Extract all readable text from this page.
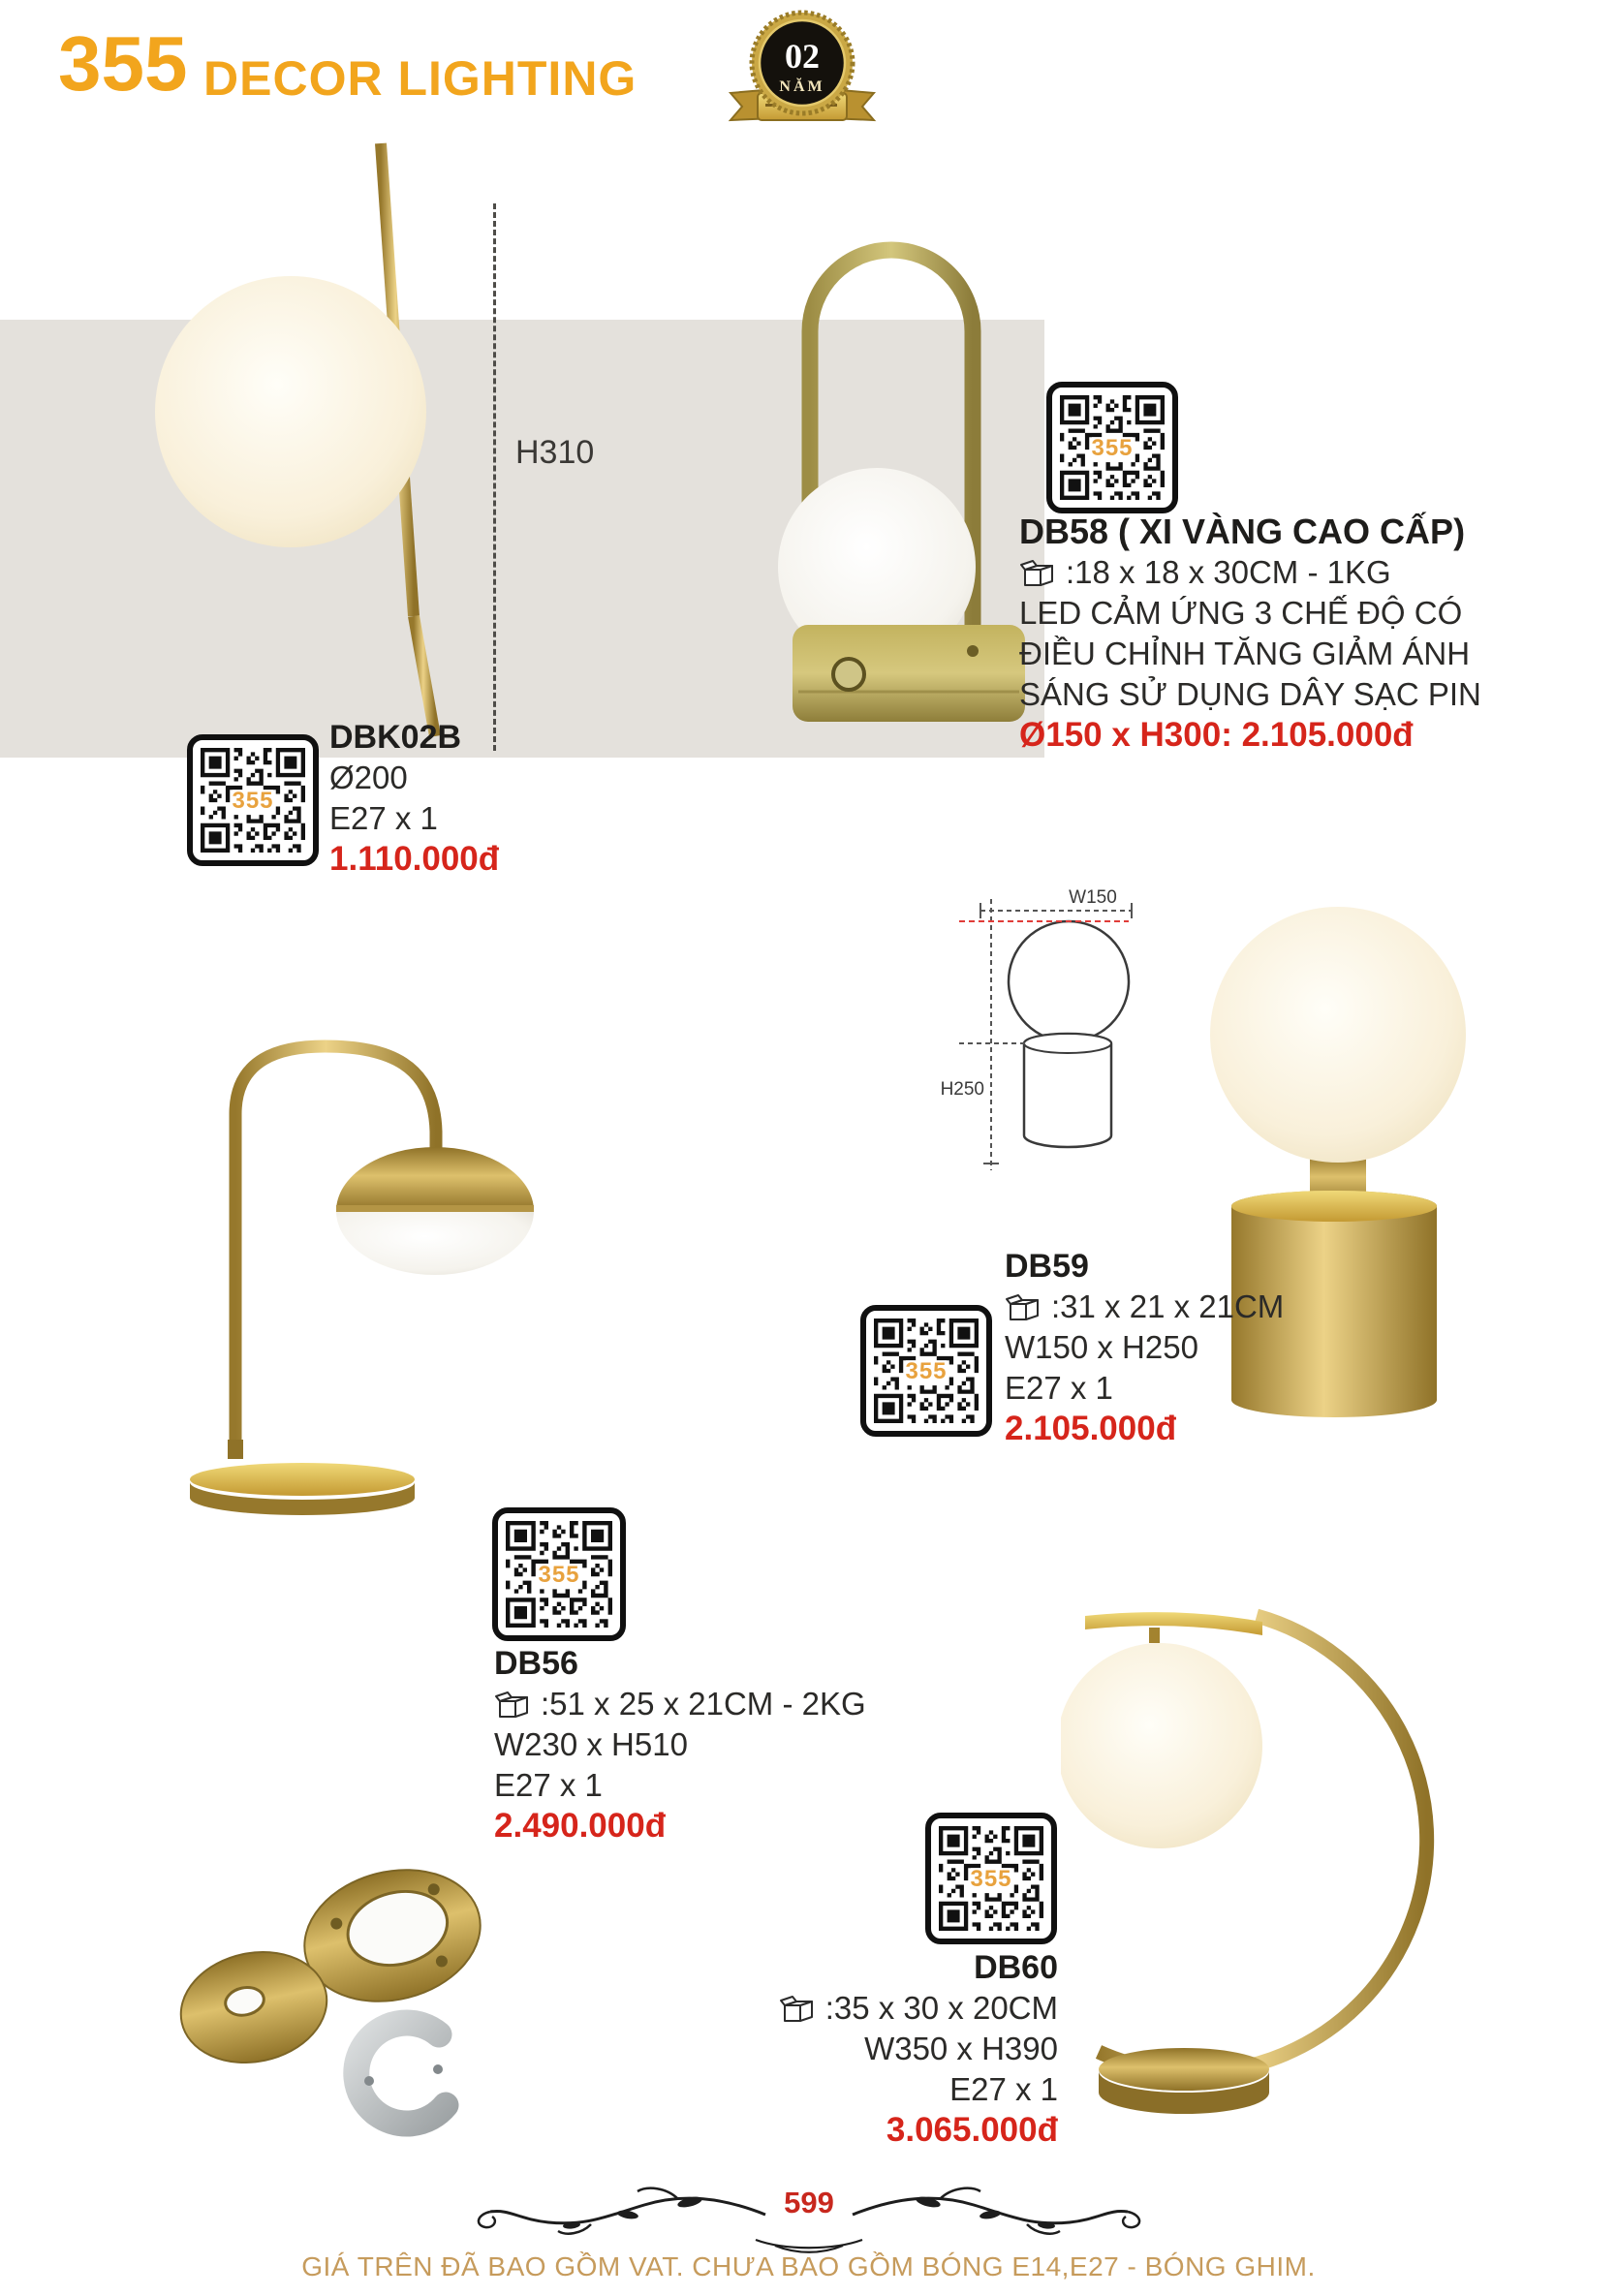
355 DECOR LIGHTING	02
NĂM
H310
355
DBK02B
Ø200
E27 x 1
1.110.000đ
355
DB58 ( XI VÀNG CAO CẤP)
:18 x 18 x 30CM - 1KG
LED CẢM ỨNG 3 CHẾ ĐỘ CÓ
ĐIỀU CHỈNH TĂNG GIẢM ÁNH
SÁNG SỬ DỤNG DÂY SẠC PIN
Ø150 x H300: 2.105.000đ
W150
H250
355
DB59
:31 x 21 x 21CM
W150 x H250
E27 x 1
2.105.000đ
355
DB56
:51 x 25 x 21CM - 2KG
W230 x H510
E27 x 1
2.490.000đ
355
DB60
:35 x 30 x 20CM
W350 x H390
E27 x 1
3.065.000đ
599
GIÁ TRÊN ĐÃ BAO GỒM VAT. CHƯA BAO GỒM BÓNG E14,E27 - BÓNG GHIM.
